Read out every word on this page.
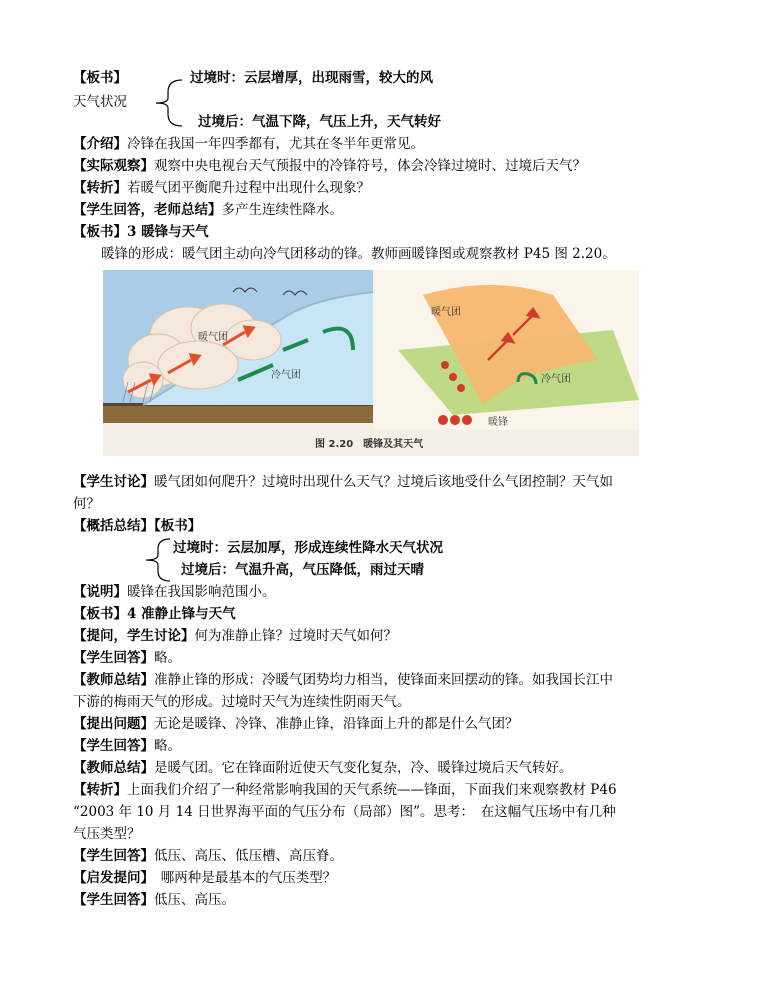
【板书】	过境时：云层增厚，出现雨雪，较大的风
天气状况
过境后：气温下降，气压上升，天气转好
【介绍】冷锋在我国一年四季都有，尤其在冬半年更常见。
【实际观察】观察中央电视台天气预报中的冷锋符号，体会冷锋过境时、过境后天气？
【转折】若暖气团平衡爬升过程中出现什么现象？
【学生回答，老师总结】多产生连续性降水。
【板书】3 暖锋与天气
暖锋的形成：暖气团主动向冷气团移动的锋。教师画暖锋图或观察教材 P45 图 2.20。
暖气团
冷气团
暖气团
冷气团
暖锋
图 2.20　暖锋及其天气
【学生讨论】暖气团如何爬升？过境时出现什么天气？过境后该地受什么气团控制？天气如
何？
【概括总结】【板书】
过境时：云层加厚，形成连续性降水天气状况
过境后：气温升高，气压降低，雨过天晴
【说明】暖锋在我国影响范围小。
【板书】4 准静止锋与天气
【提问，学生讨论】何为准静止锋？过境时天气如何？
【学生回答】略。
【教师总结】准静止锋的形成：冷暖气团势均力相当，使锋面来回摆动的锋。如我国长江中
下游的梅雨天气的形成。过境时天气为连续性阴雨天气。
【提出问题】无论是暖锋、冷锋、准静止锋，沿锋面上升的都是什么气团？
【学生回答】略。
【教师总结】是暖气团。它在锋面附近使天气变化复杂，冷、暖锋过境后天气转好。
【转折】上面我们介绍了一种经常影响我国的天气系统——锋面，下面我们来观察教材 P46
“2003 年 10 月 14 日世界海平面的气压分布（局部）图”。思考：　在这幅气压场中有几种
气压类型？
【学生回答】低压、高压、低压槽、高压脊。
【启发提问】　哪两种是最基本的气压类型？
【学生回答】低压、高压。
